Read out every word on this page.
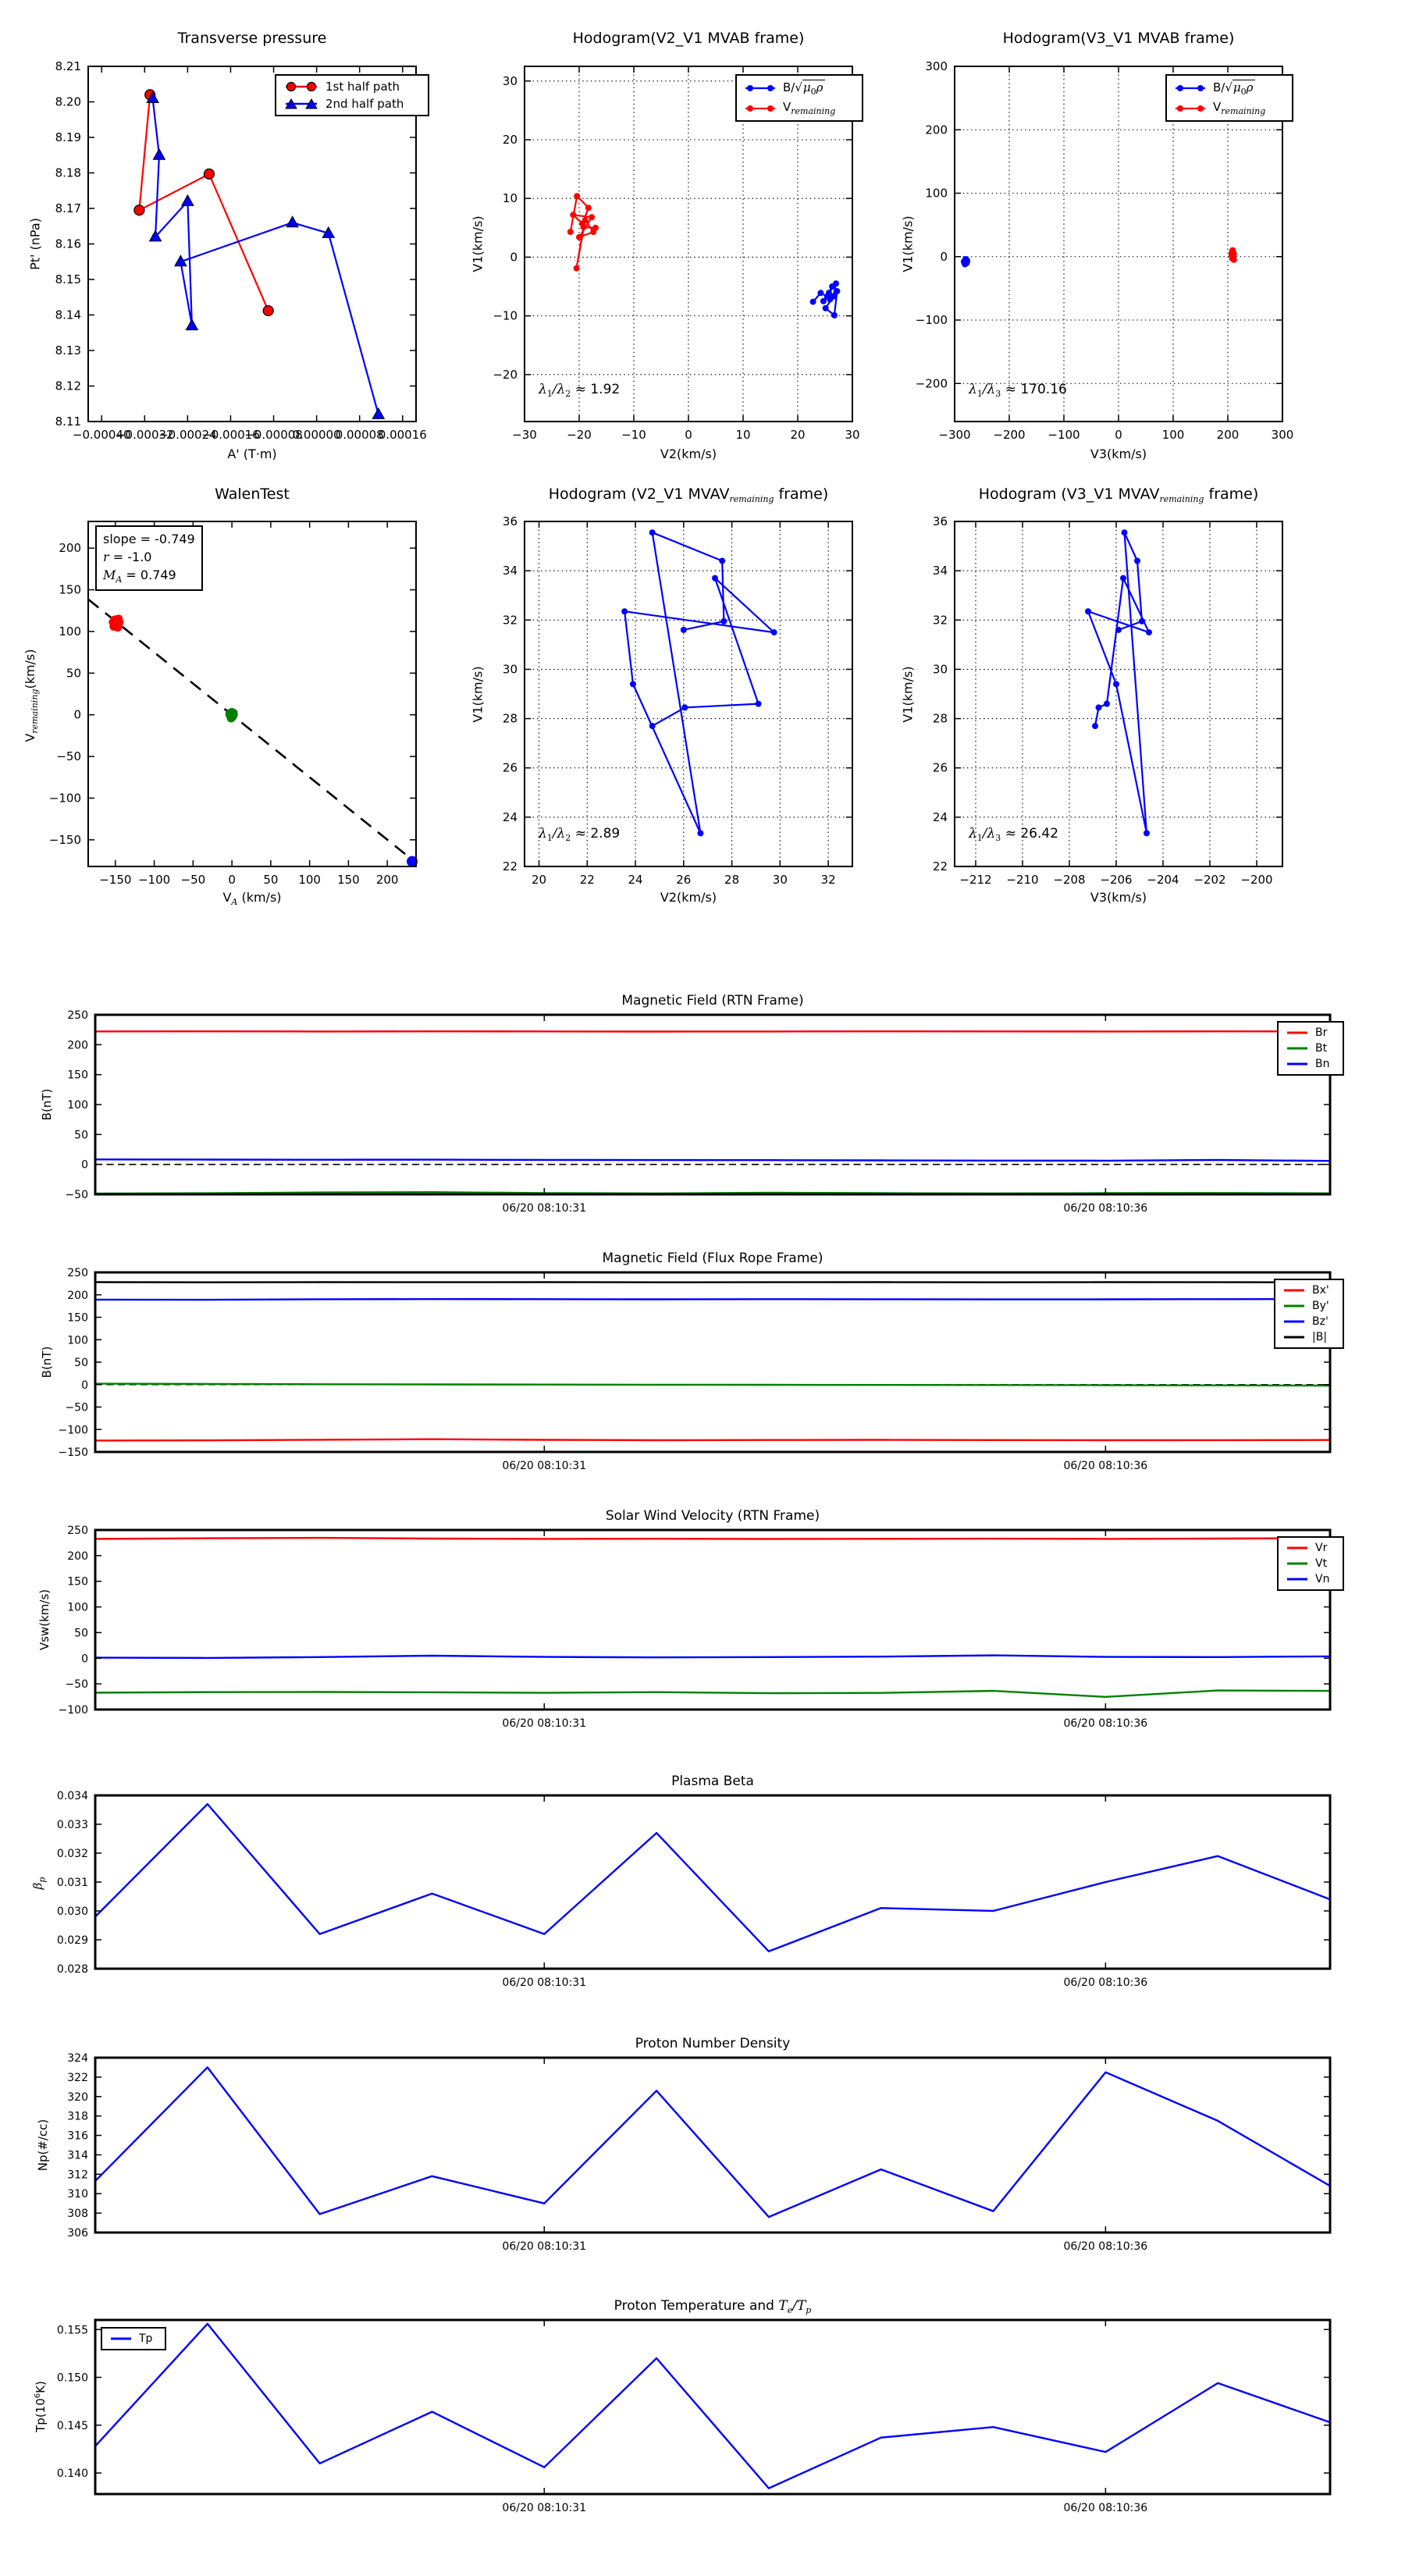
−0.00040
−0.00032
−0.00024
−0.00016
−0.00008
0.00000
0.00008
0.00016
8.11
8.12
8.13
8.14
8.15
8.16
8.17
8.18
8.19
8.20
8.21
−30	−20	−10	0	10	20	30
−20
−10
0
10
20
30
−300 −200 −100	0	100	200	300
−200
−100
0
100
200
300
−150 −100 −50 0 50 100 150 200
−150
−100
−50
0
50
100
150
200
20	22	24	26	28	30	32
22
24
26
28
30
32
34
36
−212 −210 −208 −206 −204 −202 −200
22
24
26
28
30
32
34
36
06/20 08:10:31	06/20 08:10:36
−50
0
50
100
150
200
250
06/20 08:10:31	06/20 08:10:36
−150
−100
−50
0
50
100
150
200
250
06/20 08:10:31	06/20 08:10:36
−100
−50
0
50
100
150
200
250
06/20 08:10:31	06/20 08:10:36
0.028
0.029
0.030
0.031
0.032
0.033
0.034
06/20 08:10:31	06/20 08:10:36
306
308
310
312
314
316
318
320
322
324
06/20 08:10:31	06/20 08:10:36
0.140
0.145
0.150
0.155
Transverse pressure	Hodogram(V2_V1 MVAB frame)	Hodogram(V3_V1 MVAB frame)
A' (T·m)	V2(km/s)	V3(km/s)
Pt' (nPa)	V1(km/s)	V1(km/s)
1st half path
2nd half path
$B/√\mu_0\rho$
$V_{remaining}$
$B/√\mu_0\rho$
$V_{remaining}$
$\lambda_1/\lambda_2 \approx 1.92$	$\lambda_1/\lambda_3 \approx 170.16$
WalenTest	Hodogram (V2_V1 $MVAV_{remaining}$ frame)	Hodogram (V3_V1 $MVAV_{remaining}$ frame)
$V_A$ (km/s)	V2(km/s)	V3(km/s)
$V_{remaining}(km/s)$	V1(km/s)	V1(km/s)
slope = -0.749
r = -1.0
$M_A = 0.749$
$\lambda_1/\lambda_2 \approx 2.89$	$\lambda_1/\lambda_3 \approx 26.42$
Magnetic Field (RTN Frame)
Magnetic Field (Flux Rope Frame)
Solar Wind Velocity (RTN Frame)
Plasma Beta
Proton Number Density
Proton Temperature and $T_e/T_p$
B(nT)
B(nT)
Vsw(km/s)
$\beta_p$
Np(#/cc)
$Tp(10^6K)$
Br
Bt
Bn
Bx'
By'
Bz'
|B|
Vr
Vt
Vn
Tp
